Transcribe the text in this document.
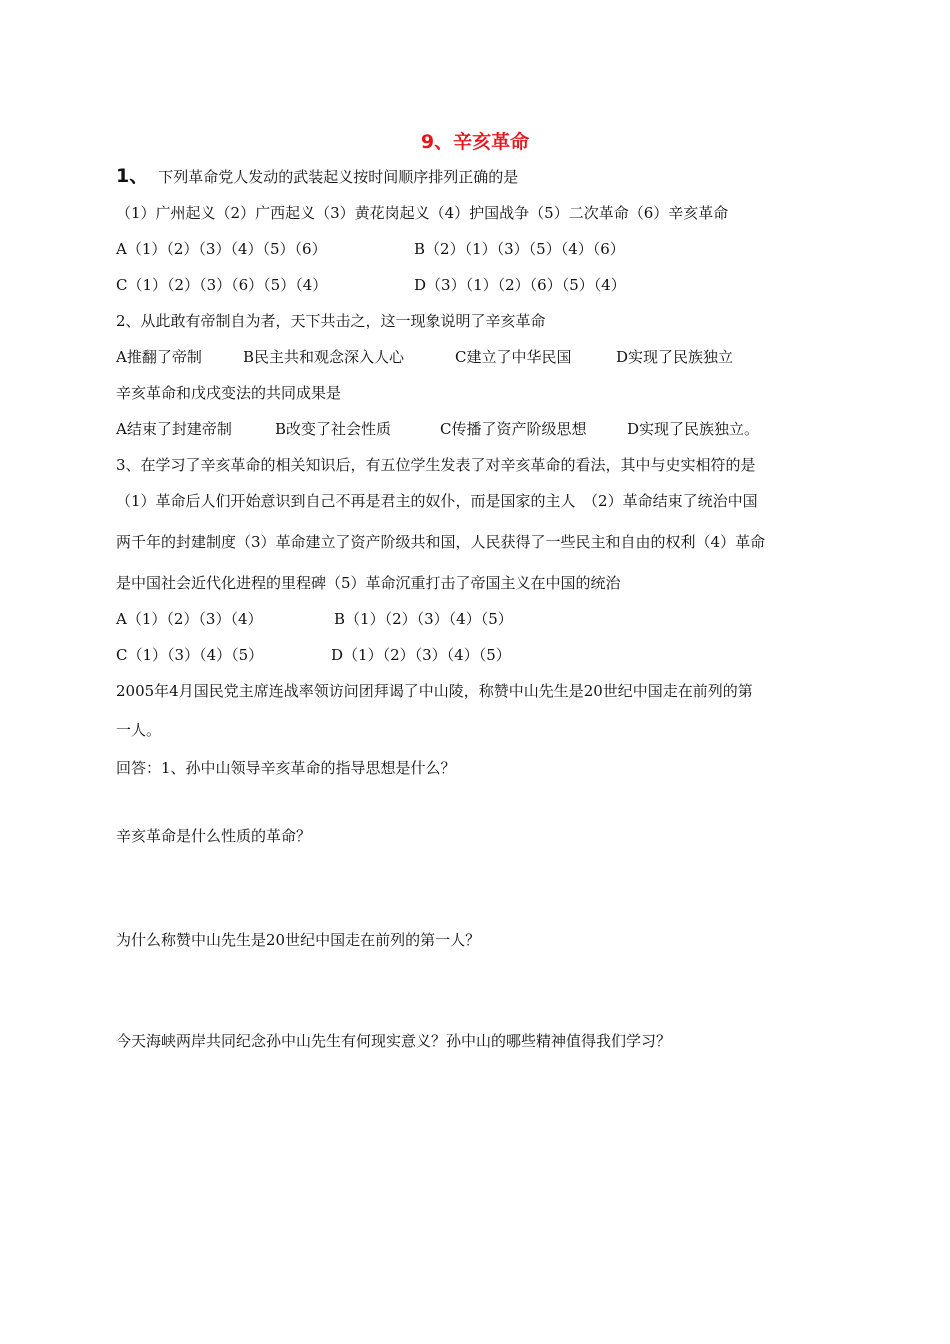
9、辛亥革命
1、 下列革命党人发动的武装起义按时间顺序排列正确的是
（1）广州起义（2）广西起义（3）黄花岗起义（4）护国战争（5）二次革命（6）辛亥革命
A（1）（2）（3）（4）（5）（6）	B（2）（1）（3）（5）（4）（6）
C（1）（2）（3）（6）（5）（4）	D（3）（1）（2）（6）（5）（4）
2、从此敢有帝制自为者，天下共击之，这一现象说明了辛亥革命
A推翻了帝制	B民主共和观念深入人心	C建立了中华民国	D实现了民族独立
辛亥革命和戊戌变法的共同成果是
A结束了封建帝制	B改变了社会性质	C传播了资产阶级思想	D实现了民族独立。
3、在学习了辛亥革命的相关知识后，有五位学生发表了对辛亥革命的看法，其中与史实相符的是
（1）革命后人们开始意识到自己不再是君主的奴仆，而是国家的主人　（2）革命结束了统治中国
两千年的封建制度（3）革命建立了资产阶级共和国，人民获得了一些民主和自由的权利（4）革命
是中国社会近代化进程的里程碑（5）革命沉重打击了帝国主义在中国的统治
A（1）（2）（3）（4）	B（1）（2）（3）（4）（5）
C（1）（3）（4）（5）	D（1）（2）（3）（4）（5）
2005年4月国民党主席连战率领访问团拜谒了中山陵，称赞中山先生是20世纪中国走在前列的第
一人。
回答：1、孙中山领导辛亥革命的指导思想是什么？
辛亥革命是什么性质的革命？
为什么称赞中山先生是20世纪中国走在前列的第一人？
今天海峡两岸共同纪念孙中山先生有何现实意义？孙中山的哪些精神值得我们学习？
